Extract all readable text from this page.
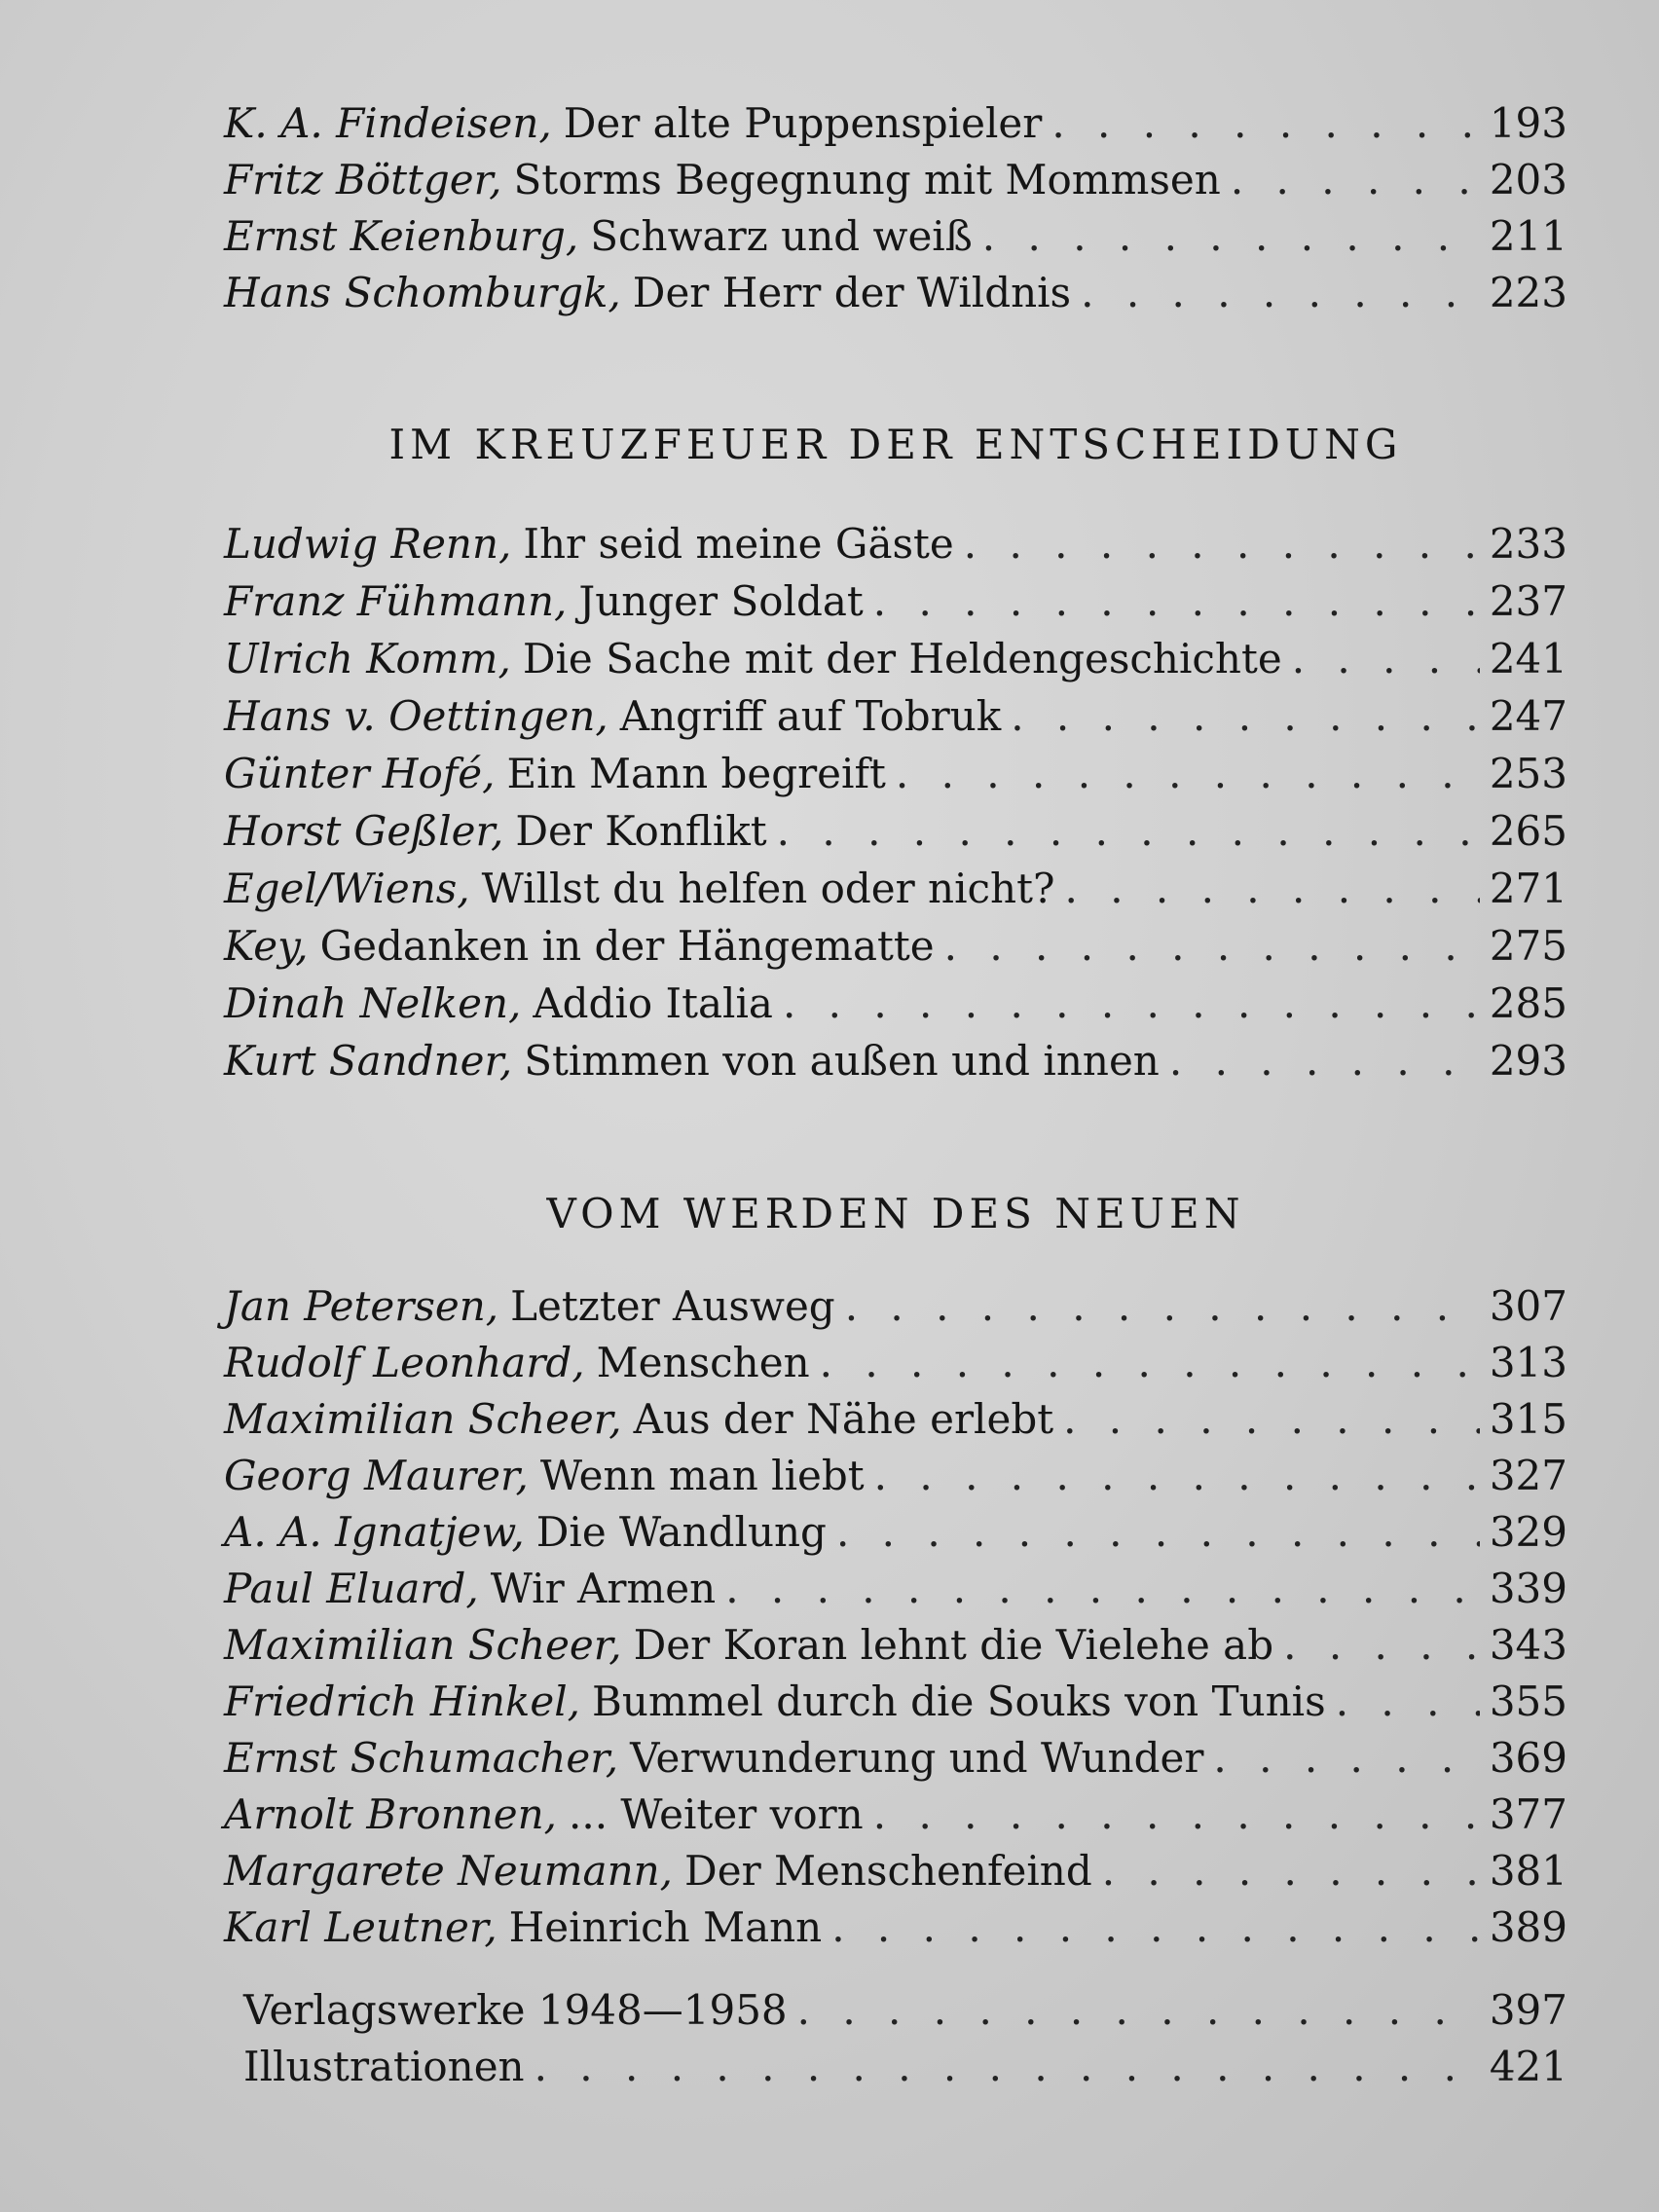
K. A. Findeisen, Der alte Puppenspieler . . .	193
Fritz Böttger, Storms Begegnung mit Mommsen . . .	203
Ernst Keienburg, Schwarz und weiß . . .	211
Hans Schomburgk, Der Herr der Wildnis . . .	223
IM KREUZFEUER DER ENTSCHEIDUNG
Ludwig Renn, Ihr seid meine Gäste . . .	233
Franz Fühmann, Junger Soldat . . .	237
Ulrich Komm, Die Sache mit der Heldengeschichte . . .	241
Hans v. Oettingen, Angriff auf Tobruk . . .	247
Günter Hofé, Ein Mann begreift . . .	253
Horst Geßler, Der Konflikt . . .	265
Egel/Wiens, Willst du helfen oder nicht? . . .	271
Key, Gedanken in der Hängematte . . .	275
Dinah Nelken, Addio Italia . . .	285
Kurt Sandner, Stimmen von außen und innen . . .	293
VOM WERDEN DES NEUEN
Jan Petersen, Letzter Ausweg . . .	307
Rudolf Leonhard, Menschen . . .	313
Maximilian Scheer, Aus der Nähe erlebt . . .	315
Georg Maurer, Wenn man liebt . . .	327
A. A. Ignatjew, Die Wandlung . . .	329
Paul Eluard, Wir Armen . . .	339
Maximilian Scheer, Der Koran lehnt die Vielehe ab . . .	343
Friedrich Hinkel, Bummel durch die Souks von Tunis . . .	355
Ernst Schumacher, Verwunderung und Wunder . . .	369
Arnolt Bronnen, ... Weiter vorn . . .	377
Margarete Neumann, Der Menschenfeind . . .	381
Karl Leutner, Heinrich Mann . . .	389
Verlagswerke 1948—1958 . . .	397
Illustrationen . . .	421
